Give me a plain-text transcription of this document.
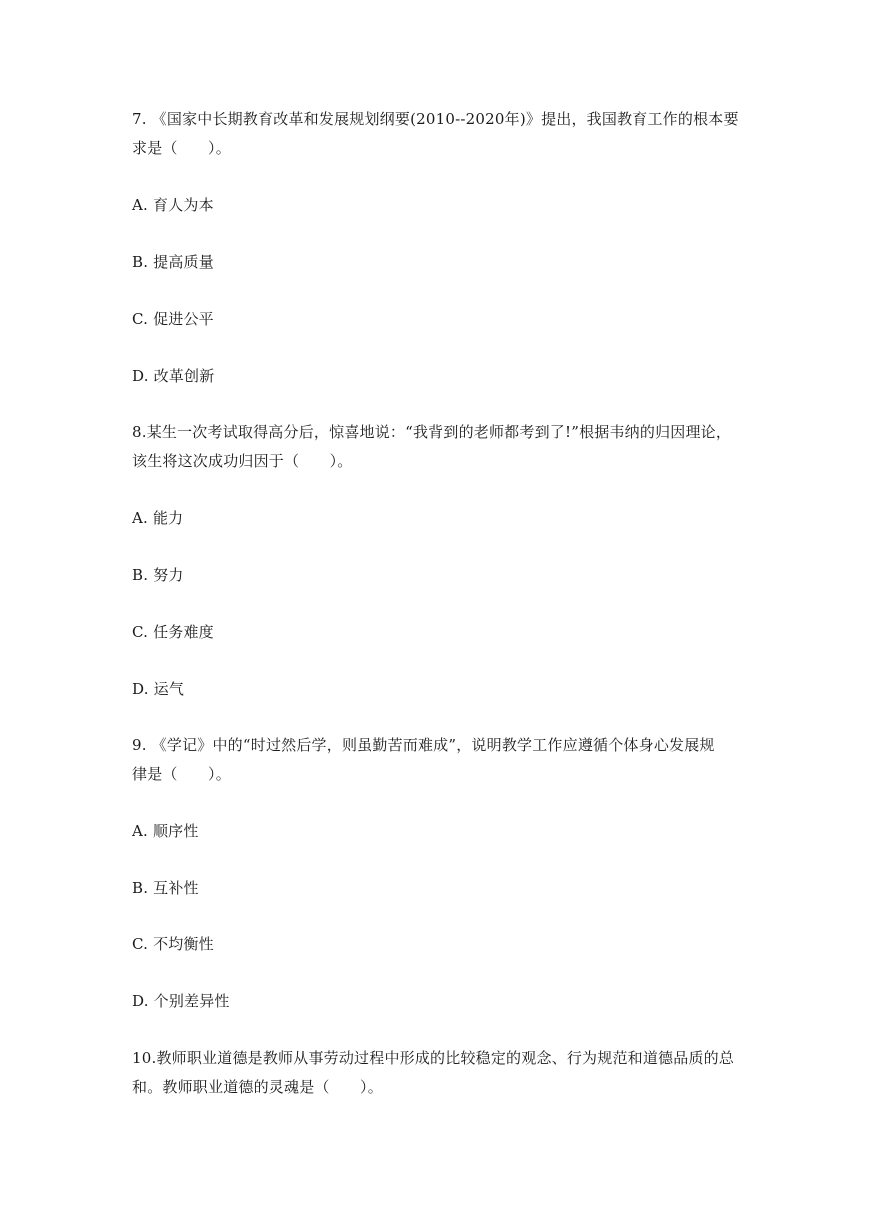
7. 《国家中长期教育改革和发展规划纲要(2010--2020年)》提出，我国教育工作的根本要
求是（　　）。
A. 育人为本
B. 提高质量
C. 促进公平
D. 改革创新
8.某生一次考试取得高分后，惊喜地说：“我背到的老师都考到了!”根据韦纳的归因理论，
该生将这次成功归因于（　　）。
A. 能力
B. 努力
C. 任务难度
D. 运气
9. 《学记》中的“时过然后学，则虽勤苦而难成”，说明教学工作应遵循个体身心发展规
律是（　　）。
A. 顺序性
B. 互补性
C. 不均衡性
D. 个别差异性
10.教师职业道德是教师从事劳动过程中形成的比较稳定的观念、行为规范和道德品质的总
和。教师职业道德的灵魂是（　　）。
